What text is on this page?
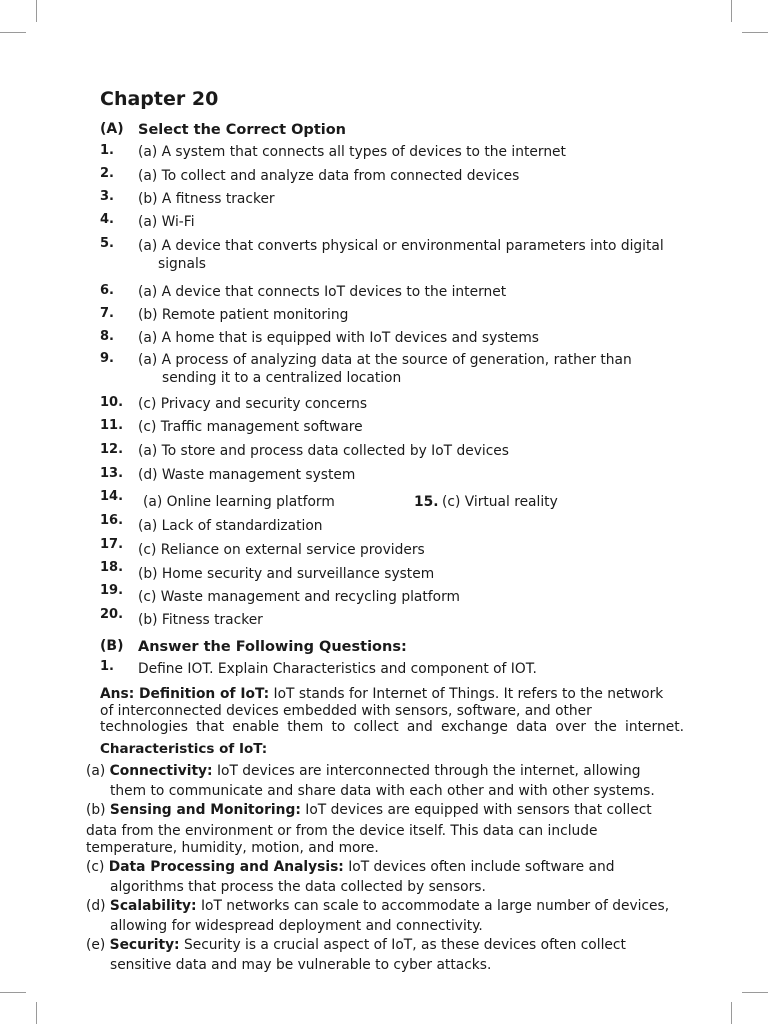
Chapter 20
(A) Select the Correct Option
1. (a) A system that connects all types of devices to the internet
2. (a) To collect and analyze data from connected devices
3. (b) A fitness tracker
4. (a) Wi-Fi
5. (a) A device that converts physical or environmental parameters into digital
signals
6. (a) A device that connects IoT devices to the internet
7. (b) Remote patient monitoring
8. (a) A home that is equipped with IoT devices and systems
9. (a) A process of analyzing data at the source of generation, rather than
sending it to a centralized location
10. (c) Privacy and security concerns
11. (c) Traffic management software
12. (a) To store and process data collected by IoT devices
13. (d) Waste management system
14. (a) Online learning platform	15. (c) Virtual reality
16. (a) Lack of standardization
17. (c) Reliance on external service providers
18. (b) Home security and surveillance system
19. (c) Waste management and recycling platform
20. (b) Fitness tracker
(B) Answer the Following Questions:
1. Define IOT. Explain Characteristics and component of IOT.
Ans: Definition of IoT: IoT stands for Internet of Things. It refers to the network
of interconnected devices embedded with sensors, software, and other
technologies that enable them to collect and exchange data over the internet.
Characteristics of IoT:
(a) Connectivity: IoT devices are interconnected through the internet, allowing
them to communicate and share data with each other and with other systems.
(b) Sensing and Monitoring: IoT devices are equipped with sensors that collect
data from the environment or from the device itself. This data can include
temperature, humidity, motion, and more.
(c) Data Processing and Analysis: IoT devices often include software and
algorithms that process the data collected by sensors.
(d) Scalability: IoT networks can scale to accommodate a large number of devices,
allowing for widespread deployment and connectivity.
(e) Security: Security is a crucial aspect of IoT, as these devices often collect
sensitive data and may be vulnerable to cyber attacks.
